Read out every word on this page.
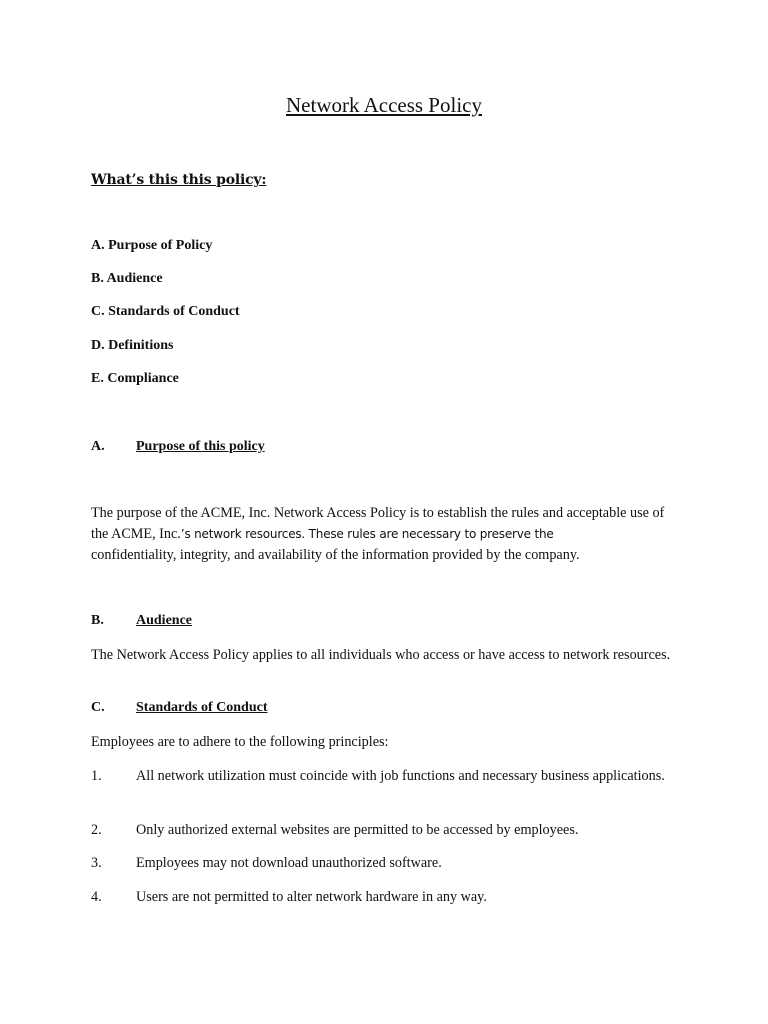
Network Access Policy
What’s this this policy:
A. Purpose of Policy
B. Audience
C. Standards of Conduct
D. Definitions
E. Compliance
A. Purpose of this policy
The purpose of the ACME, Inc. Network Access Policy is to establish the rules and acceptable use of the ACME, Inc.’s network resources. These rules are necessary to preserve the
confidentiality, integrity, and availability of the information provided by the company.
B. Audience
The Network Access Policy applies to all individuals who access or have access to network resources.
C. Standards of Conduct
Employees are to adhere to the following principles:
1. All network utilization must coincide with job functions and necessary business applications.
2. Only authorized external websites are permitted to be accessed by employees.
3. Employees may not download unauthorized software.
4. Users are not permitted to alter network hardware in any way.
